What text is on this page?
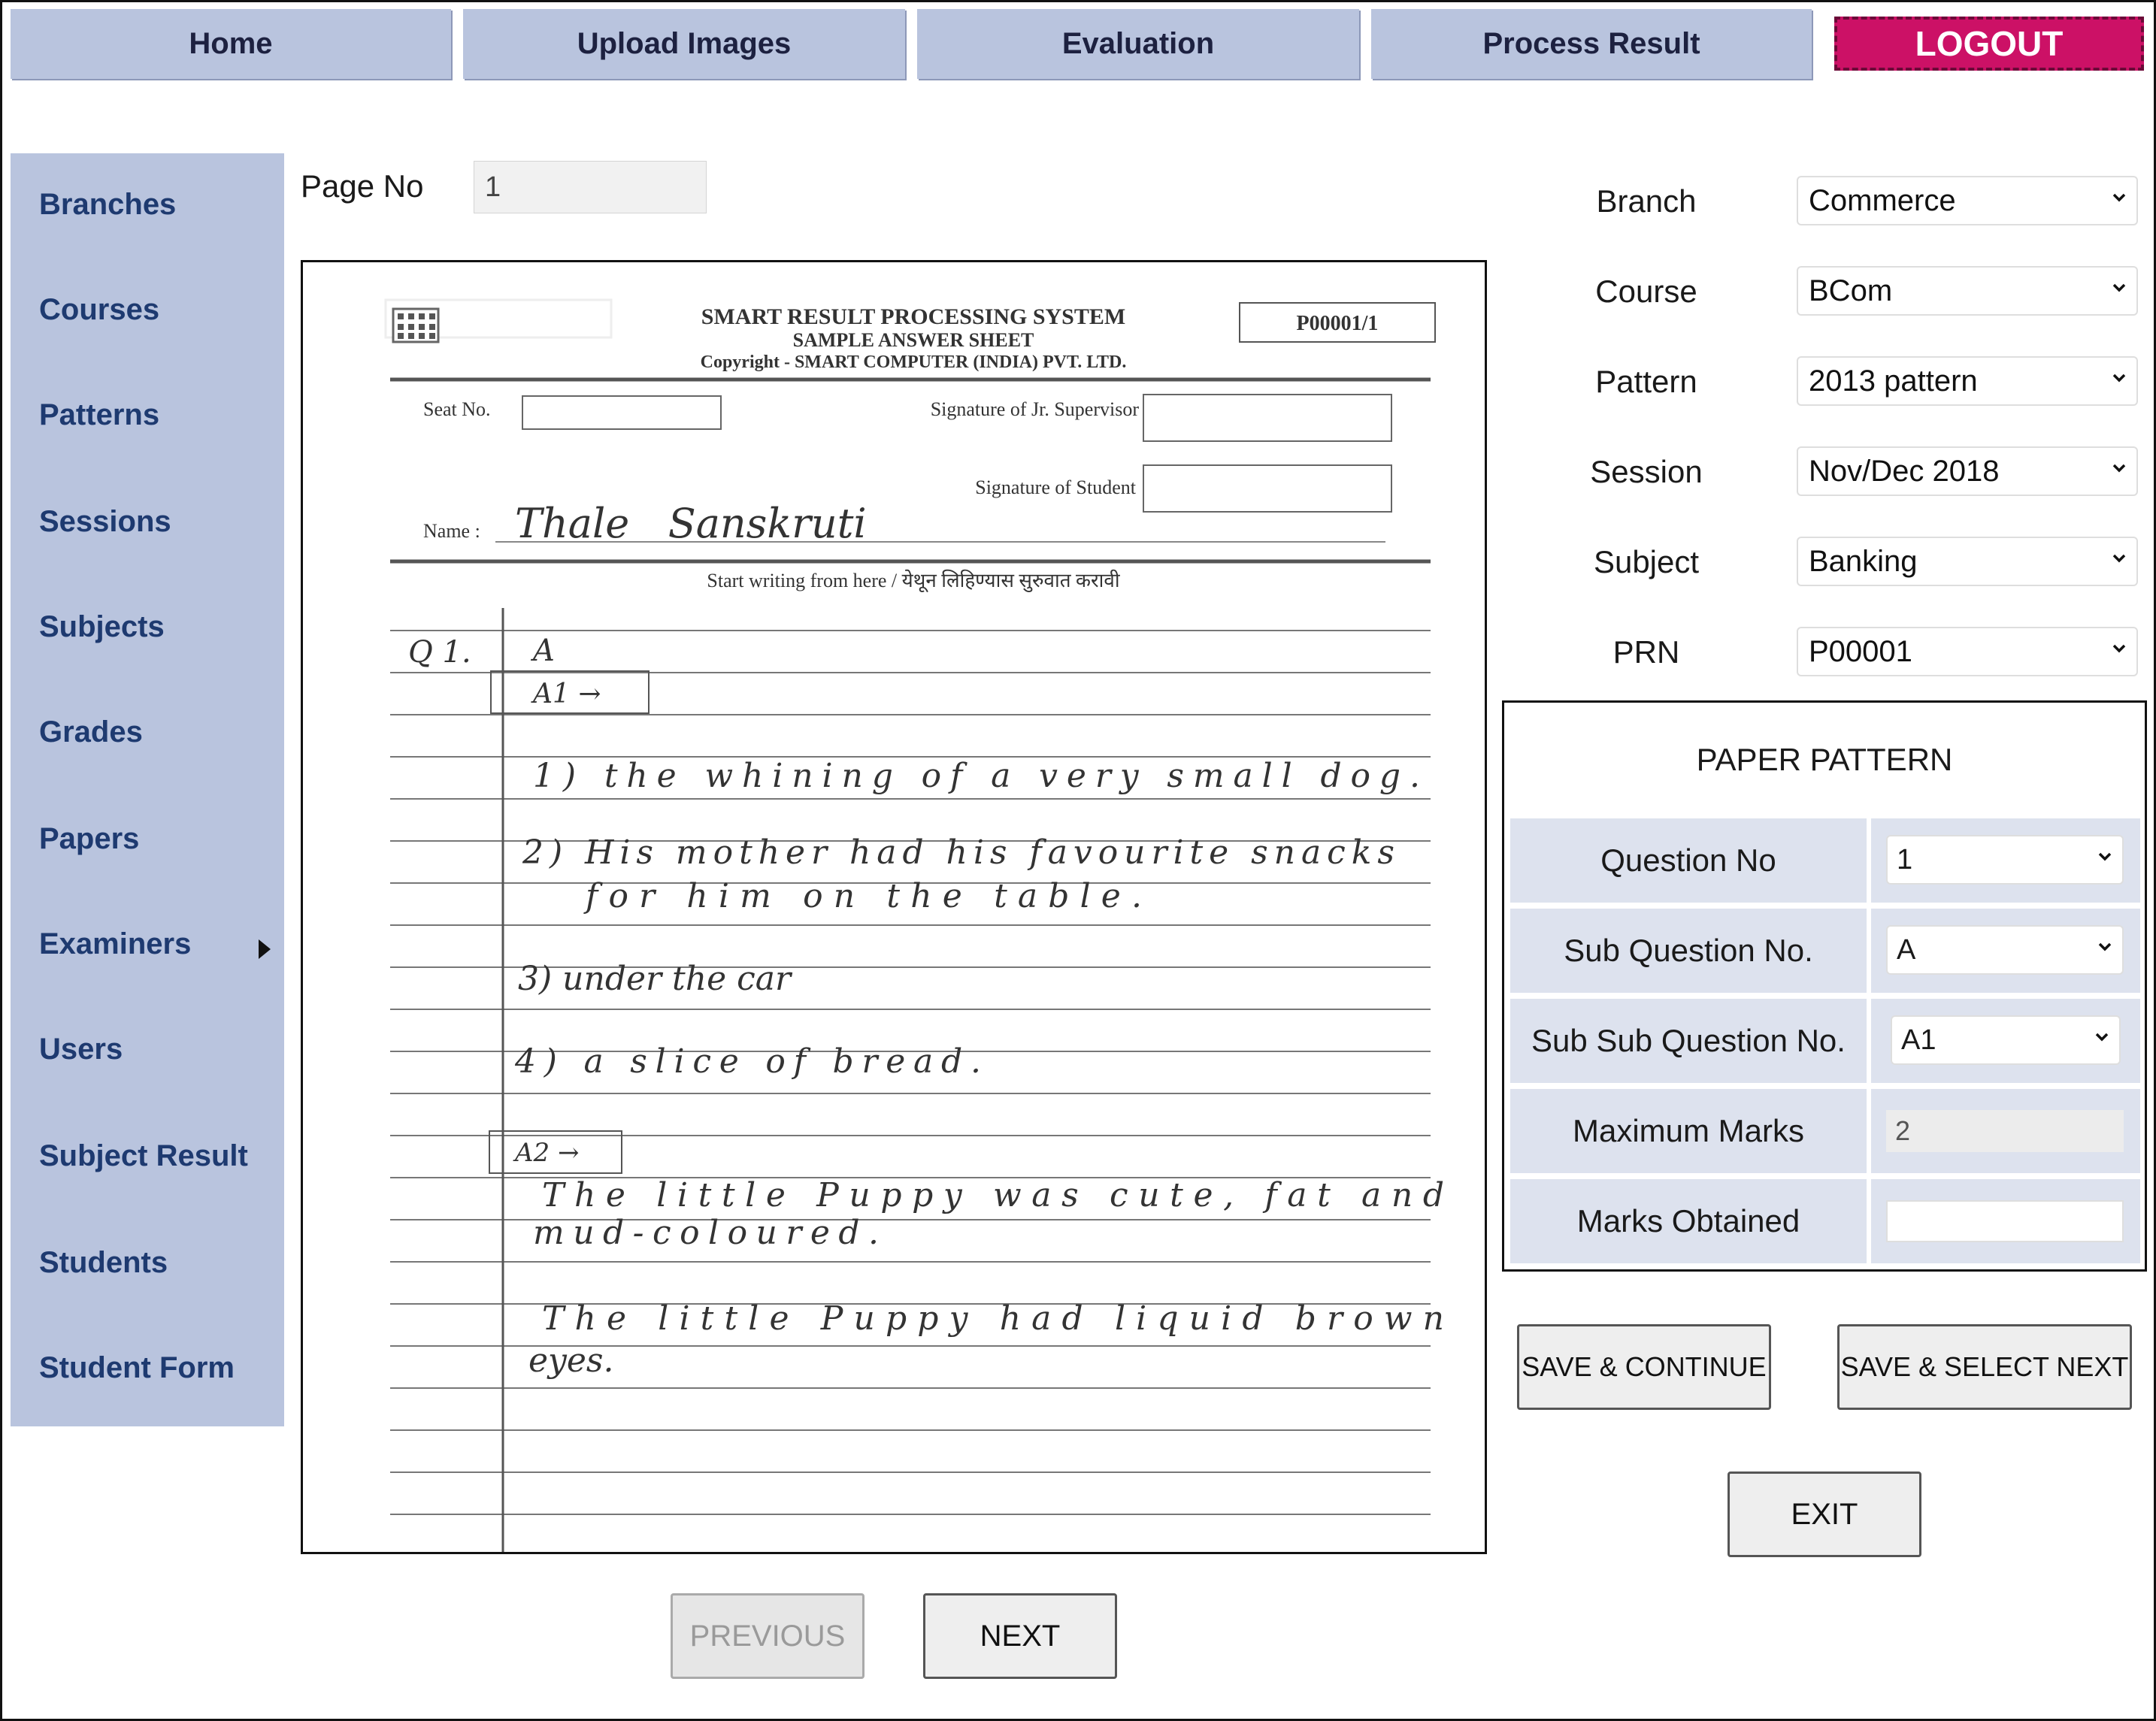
Home	Upload Images	Evaluation	Process Result	LOGOUT
Branches
Courses
Patterns
Sessions
Subjects
Grades
Papers
Examiners
Users
Subject Result
Students
Student Form
Page No	1
SMART RESULT PROCESSING SYSTEM
SAMPLE ANSWER SHEET
Copyright - SMART COMPUTER (INDIA) PVT. LTD.
P00001/1
Seat No.	Signature of Jr. Supervisor
Signature of Student
Name : Thale   Sanskruti
Start writing from here / येथून लिहिण्यास सुरुवात करावी
Q 1. A
A1 →
1) the whining of a very small dog.
2) His mother had his favourite snacks
for him on the table.
3) under the car
4) a slice of bread.
A2 →
The little Puppy was cute, fat and
mud-coloured.
The little Puppy had liquid brown
eyes.
Branch	Commerce
Course	BCom
Pattern	2013 pattern
Session	Nov/Dec 2018
Subject	Banking
PRN	P00001
PAPER PATTERN
Question No	1
Sub Question No.	A
Sub Sub Question No.	A1
Maximum Marks	2
Marks Obtained
SAVE & CONTINUE	SAVE & SELECT NEXT
EXIT
PREVIOUS	NEXT
